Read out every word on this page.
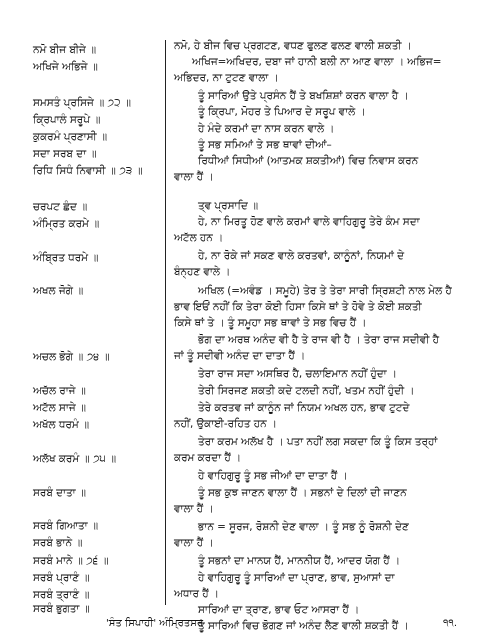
ਨਮੋ ਬੀਜ ਬੀਜੇ ॥
ਅਖਿਜੇ ਅਭਿਜੇ ॥
ਸਮਸਤੰ ਪ੍ਰਸਿਜੇ ॥ ੭੨ ॥
ਕ੍ਰਿਪਾਲੰ ਸਰੂਪੇ ॥
ਕੁਕਰਮੰ ਪ੍ਰਣਾਸੀ ॥
ਸਦਾ ਸਰਬ ਦਾ ॥
ਰਿਧਿ ਸਿਧੰ ਨਿਵਾਸੀ ॥ ੭੩ ॥
ਚਰਪਟ ਛੰਦ ॥
ਅੰਮ੍ਰਿਤ ਕਰਮੇ ॥
ਅੰਬ੍ਰਿਤ ਧਰਮੇ ॥
ਅਖਲ ਜੋਗੇ ॥
ਅਚਲ ਭੋਗੇ ॥ ੭੪ ॥
ਅਚੱਲ ਰਾਜੇ ॥
ਅਟੱਲ ਸਾਜੇ ॥
ਅਖੱਲ ਧਰਮੰ ॥
ਅਲੱਖ ਕਰਮੰ ॥ ੭੫ ॥
ਸਰਬੰ ਦਾਤਾ ॥
ਸਰਬੰ ਗਿਆਤਾ ॥
ਸਰਬੰ ਭਾਨੇ ॥
ਸਰਬੰ ਮਾਨੇ ॥ ੭੬ ॥
ਸਰਬੰ ਪ੍ਰਾਣੰ ॥
ਸਰਬੰ ਤ੍ਰਾਣੰ ॥
ਸਰਬੰ ਭੁਗਤਾ ॥
ਨਮੋ, ਹੇ ਬੀਜ ਵਿਚ ਪ੍ਰਗਟਣ, ਵਧਣ ਫੁਲਣ ਫਲਣ ਵਾਲੀ ਸ਼ਕਤੀ ।
ਅਖਿਜ=ਅਖਿਦਰ, ਦਬਾ ਜਾਂ ਹਾਨੀ ਬਲੀ ਨਾ ਆਣ ਵਾਲਾ । ਅਭਿਜ=
ਅਭਿਦਰ, ਨਾ ਟੁਟਣ ਵਾਲਾ ।
ਤੂੰ ਸਾਰਿਆਂ ਉਤੇ ਪ੍ਰਸੰਨ ਹੈਂ ਤੇ ਬਖਸ਼ਿਸ਼ਾਂ ਕਰਨ ਵਾਲਾ ਹੈ ।
ਤੂੰ ਕ੍ਰਿਪਾ, ਮੋਹਰ ਤੇ ਪਿਆਰ ਦੇ ਸਰੂਪ ਵਾਲੇ ।
ਹੇ ਮੰਦੇ ਕਰਮਾਂ ਦਾ ਨਾਸ ਕਰਨ ਵਾਲੇ ।
ਤੂੰ ਸਭ ਸਮਿਆਂ ਤੇ ਸਭ ਥਾਵਾਂ ਦੀਆਂ–
ਰਿਧੀਆਂ ਸਿਧੀਆਂ (ਆਤਮਕ ਸ਼ਕਤੀਆਂ) ਵਿਚ ਨਿਵਾਸ ਕਰਨ
ਵਾਲਾ ਹੈਂ ।
ਤ੍ਵ ਪ੍ਰਸਾਦਿ ॥
ਹੇ, ਨਾ ਮਿਰਤੂ ਹੋਣ ਵਾਲੇ ਕਰਮਾਂ ਵਾਲੇ ਵਾਹਿਗੁਰੂ ਤੇਰੇ ਕੰਮ ਸਦਾ
ਅਟੱਲ ਹਨ ।
ਹੇ, ਨਾ ਰੋਕੇ ਜਾਂ ਸਕਣ ਵਾਲੇ ਕਰਤਵਾਂ, ਕਾਨੂੰਨਾਂ, ਨਿਯਮਾਂ ਦੇ
ਬੰਨ੍ਹਣ ਵਾਲੇ ।
ਅਖਿਲ (=ਅਵੰਡ । ਸਮੂਹੇ) ਤੇਰ ਤੇ ਤੇਰਾ ਸਾਰੀ ਸ੍ਰਿਸ਼ਟੀ ਨਾਲ ਮੇਲ ਹੈ
ਭਾਵ ਇਓਂ ਨਹੀਂ ਕਿ ਤੇਰਾ ਕੋਈ ਹਿਸਾ ਕਿਸੇ ਥਾਂ ਤੇ ਹੋਵੇ ਤੇ ਕੋਈ ਸ਼ਕਤੀ
ਕਿਸੇ ਥਾਂ ਤੇ । ਤੂੰ ਸਮੂਹਾ ਸਭ ਥਾਵਾਂ ਤੇ ਸਭ ਵਿਚ ਹੈਂ ।
ਭੋਗ ਦਾ ਅਰਥ ਅਨੰਦ ਵੀ ਹੈ ਤੇ ਰਾਜ ਵੀ ਹੈ । ਤੇਰਾ ਰਾਜ ਸਦੀਵੀ ਹੈ
ਜਾਂ ਤੂੰ ਸਦੀਵੀ ਅਨੰਦ ਦਾ ਦਾਤਾ ਹੈਂ ।
ਤੇਰਾ ਰਾਜ ਸਦਾ ਅਸਥਿਰ ਹੈ, ਚਲਾਇਮਾਨ ਨਹੀਂ ਹੁੰਦਾ ।
ਤੇਰੀ ਸਿਰਜਣ ਸ਼ਕਤੀ ਕਦੇ ਟਲਦੀ ਨਹੀਂ, ਖਤਮ ਨਹੀਂ ਹੁੰਦੀ ।
ਤੇਰੇ ਕਰਤਵ ਜਾਂ ਕਾਨੂੰਨ ਜਾਂ ਨਿਯਮ ਅਖਲ ਹਨ, ਭਾਵ ਟੁਟਦੇ
ਨਹੀਂ, ਉਕਾਈ-ਰਹਿਤ ਹਨ ।
ਤੇਰਾ ਕਰਮ ਅਲੱਖ ਹੈ । ਪਤਾ ਨਹੀਂ ਲਗ ਸਕਦਾ ਕਿ ਤੂੰ ਕਿਸ ਤਰ੍ਹਾਂ
ਕਰਮ ਕਰਦਾ ਹੈਂ ।
ਹੇ ਵਾਹਿਗੁਰੂ ਤੂੰ ਸਭ ਜੀਆਂ ਦਾ ਦਾਤਾ ਹੈਂ ।
ਤੂੰ ਸਭ ਕੁਝ ਜਾਣਨ ਵਾਲਾ ਹੈਂ । ਸਭਨਾਂ ਦੇ ਦਿਲਾਂ ਦੀ ਜਾਣਨ
ਵਾਲਾ ਹੈਂ ।
ਭਾਨ = ਸੂਰਜ, ਰੋਸ਼ਨੀ ਦੇਣ ਵਾਲਾ । ਤੂੰ ਸਭ ਨੂੰ ਰੋਸ਼ਨੀ ਦੇਣ
ਵਾਲਾ ਹੈਂ ।
ਤੂੰ ਸਭਨਾਂ ਦਾ ਮਾਨਯ ਹੈਂ, ਮਾਨਨੀਯ ਹੈਂ, ਆਦਰ ਯੋਗ ਹੈਂ ।
ਹੇ ਵਾਹਿਗੁਰੂ ਤੂੰ ਸਾਰਿਆਂ ਦਾ ਪ੍ਰਾਣ, ਭਾਵ, ਸੁਆਸਾਂ ਦਾ
ਅਧਾਰ ਹੈਂ ।
ਸਾਰਿਆਂ ਦਾ ਤ੍ਰਾਣ, ਭਾਵ ਓਟ ਆਸਰਾ ਹੈਂ ।
ਤੂੰ ਸਾਰਿਆਂ ਵਿਚ ਭੋਗਣ ਜਾਂ ਅਨੰਦ ਲੈਣ ਵਾਲੀ ਸ਼ਕਤੀ ਹੈਂ ।
'ਸੰਤ ਸਿਪਾਹੀ' ਅੰਮ੍ਰਿਤਸਰ	੧੧.
